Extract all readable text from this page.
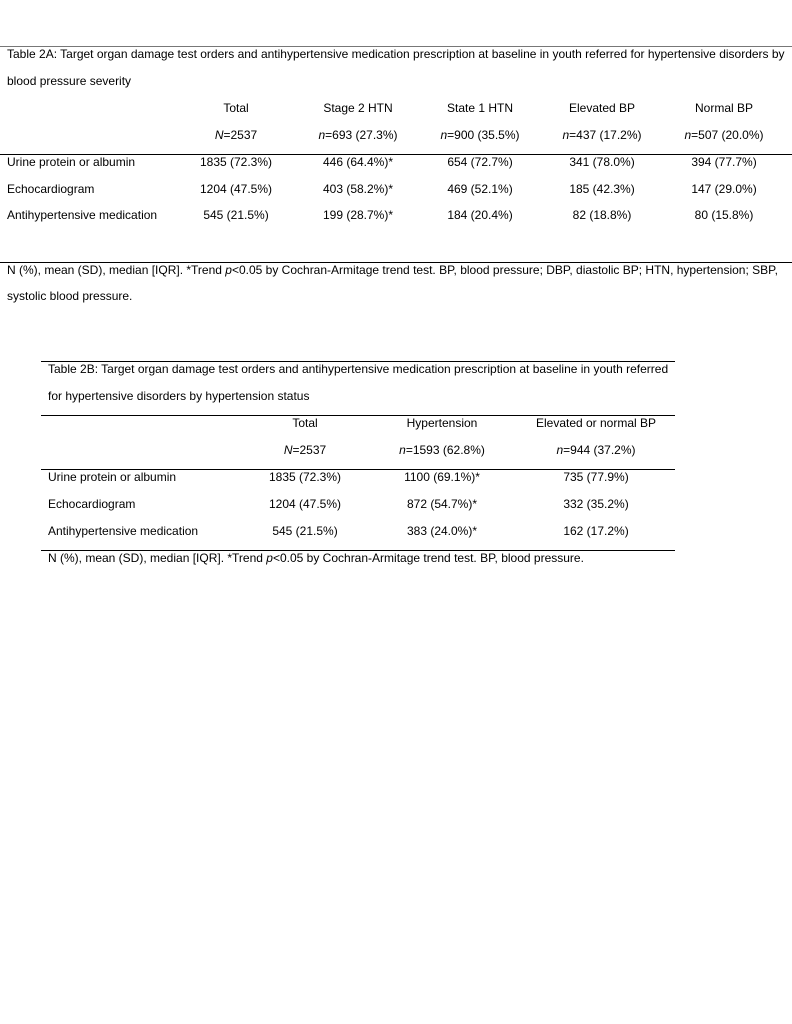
Table 2A: Target organ damage test orders and antihypertensive medication prescription at baseline in youth referred for hypertensive disorders by
blood pressure severity
Total	Stage 2 HTN	State 1 HTN	Elevated BP	Normal BP
N=2537	n=693 (27.3%)	n=900 (35.5%)	n=437 (17.2%)	n=507 (20.0%)
Urine protein or albumin	1835 (72.3%)	446 (64.4%)*	654 (72.7%)	341 (78.0%)	394 (77.7%)
Echocardiogram	1204 (47.5%)	403 (58.2%)*	469 (52.1%)	185 (42.3%)	147 (29.0%)
Antihypertensive medication	545 (21.5%)	199 (28.7%)*	184 (20.4%)	82 (18.8%)	80 (15.8%)
N (%), mean (SD), median [IQR]. *Trend p<0.05 by Cochran-Armitage trend test. BP, blood pressure; DBP, diastolic BP; HTN, hypertension; SBP,
systolic blood pressure.
Table 2B: Target organ damage test orders and antihypertensive medication prescription at baseline in youth referred
for hypertensive disorders by hypertension status
Total	Hypertension	Elevated or normal BP
N=2537	n=1593 (62.8%)	n=944 (37.2%)
Urine protein or albumin	1835 (72.3%)	1100 (69.1%)*	735 (77.9%)
Echocardiogram	1204 (47.5%)	872 (54.7%)*	332 (35.2%)
Antihypertensive medication	545 (21.5%)	383 (24.0%)*	162 (17.2%)
N (%), mean (SD), median [IQR]. *Trend p<0.05 by Cochran-Armitage trend test. BP, blood pressure.
